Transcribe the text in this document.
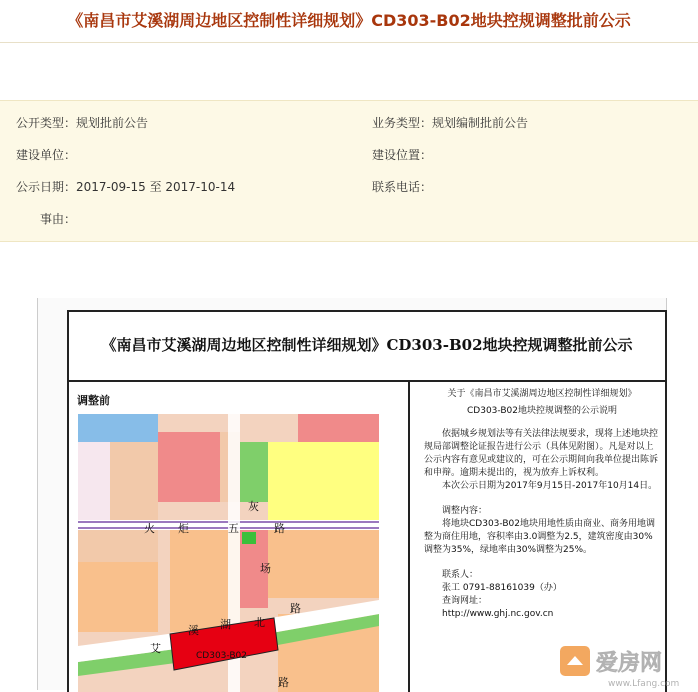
《南昌市艾溪湖周边地区控制性详细规划》CD303-B02地块控规调整批前公示
公开类型：规划批前公告	业务类型：规划编制批前公告
建设单位：	建设位置：
公示日期：2017-09-15 至 2017-10-14	联系电话：
事由：
《南昌市艾溪湖周边地区控制性详细规划》CD303-B02地块控规调整批前公示
调整前
火 炬	五	路
灰
场
北
路
艾
溪 湖
路
CD303-B02

关于《南昌市艾溪湖周边地区控制性详细规划》

CD303-B02地块控规调整的公示说明

依据城乡规划法等有关法律法规要求，现将上述地块控规局部调整论证报告进行公示（具体见附图）。凡是对以上公示内容有意见或建议的，可在公示期间向我单位提出陈诉和申辩。逾期未提出的，视为放弃上诉权利。

本次公示日期为2017年9月15日-2017年10月14日。

调整内容：

将地块CD303-B02地块用地性质由商业、商务用地调整为商住用地，容积率由3.0调整为2.5，建筑密度由30%调整为35%，绿地率由30%调整为25%。

联系人：

张工 0791-88161039（办）

查询网址：

http://www.ghj.nc.gov.cn

爱房网
www.Lfang.com
